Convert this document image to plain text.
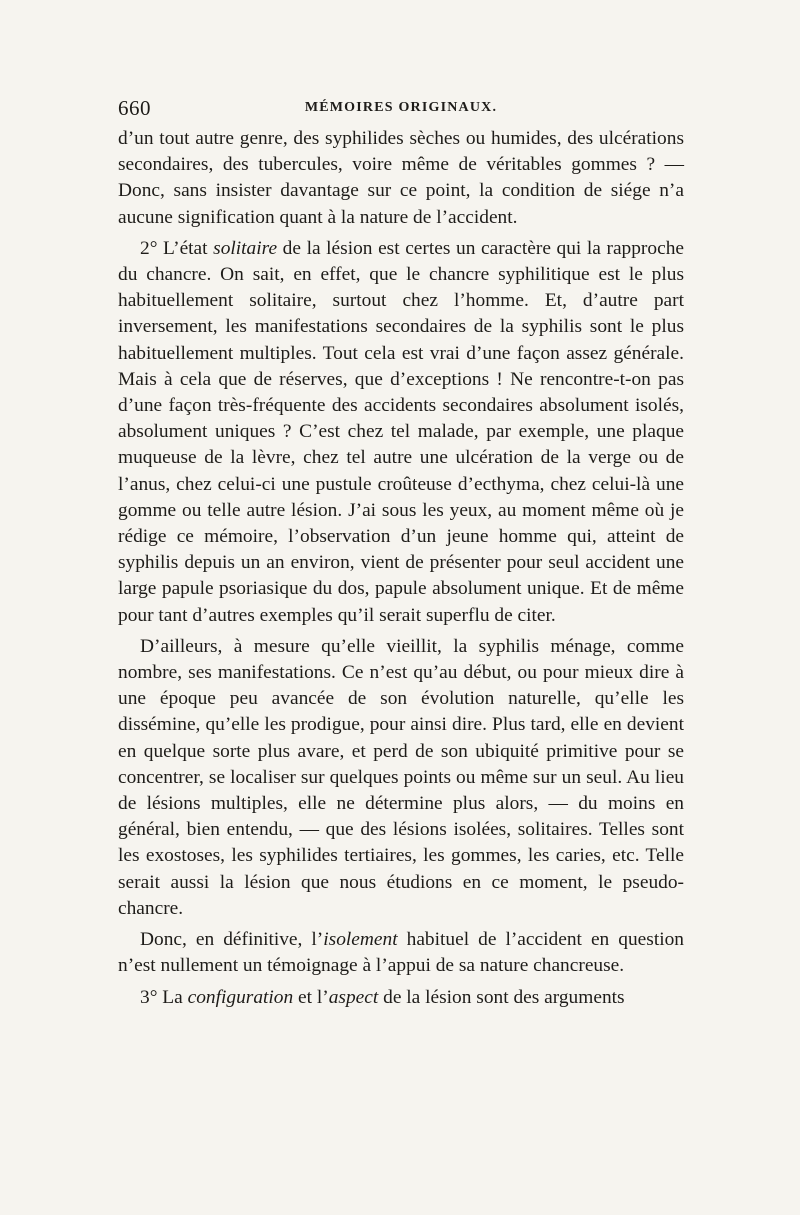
660	MÉMOIRES ORIGINAUX.

d’un tout autre genre, des syphilides sèches ou humides, des ulcérations secondaires, des tubercules, voire même de véritables gommes ? — Donc, sans insister davantage sur ce point, la condition de siége n’a aucune signification quant à la nature de l’accident.

2° L’état solitaire de la lésion est certes un caractère qui la rapproche du chancre. On sait, en effet, que le chancre syphilitique est le plus habituellement solitaire, surtout chez l’homme. Et, d’autre part inversement, les manifestations secondaires de la syphilis sont le plus habituellement multiples. Tout cela est vrai d’une façon assez générale. Mais à cela que de réserves, que d’exceptions ! Ne rencontre-t-on pas d’une façon très-fréquente des accidents secondaires absolument isolés, absolument uniques ? C’est chez tel malade, par exemple, une plaque muqueuse de la lèvre, chez tel autre une ulcération de la verge ou de l’anus, chez celui-ci une pustule croûteuse d’ecthyma, chez celui-là une gomme ou telle autre lésion. J’ai sous les yeux, au moment même où je rédige ce mémoire, l’observation d’un jeune homme qui, atteint de syphilis depuis un an environ, vient de présenter pour seul accident une large papule psoriasique du dos, papule absolument unique. Et de même pour tant d’autres exemples qu’il serait superflu de citer.

D’ailleurs, à mesure qu’elle vieillit, la syphilis ménage, comme nombre, ses manifestations. Ce n’est qu’au début, ou pour mieux dire à une époque peu avancée de son évolution naturelle, qu’elle les dissémine, qu’elle les prodigue, pour ainsi dire. Plus tard, elle en devient en quelque sorte plus avare, et perd de son ubiquité primitive pour se concentrer, se localiser sur quelques points ou même sur un seul. Au lieu de lésions multiples, elle ne détermine plus alors, — du moins en général, bien entendu, — que des lésions isolées, solitaires. Telles sont les exostoses, les syphilides tertiaires, les gommes, les caries, etc. Telle serait aussi la lésion que nous étudions en ce moment, le pseudo-chancre.

Donc, en définitive, l’isolement habituel de l’accident en question n’est nullement un témoignage à l’appui de sa nature chancreuse.

3° La configuration et l’aspect de la lésion sont des arguments
